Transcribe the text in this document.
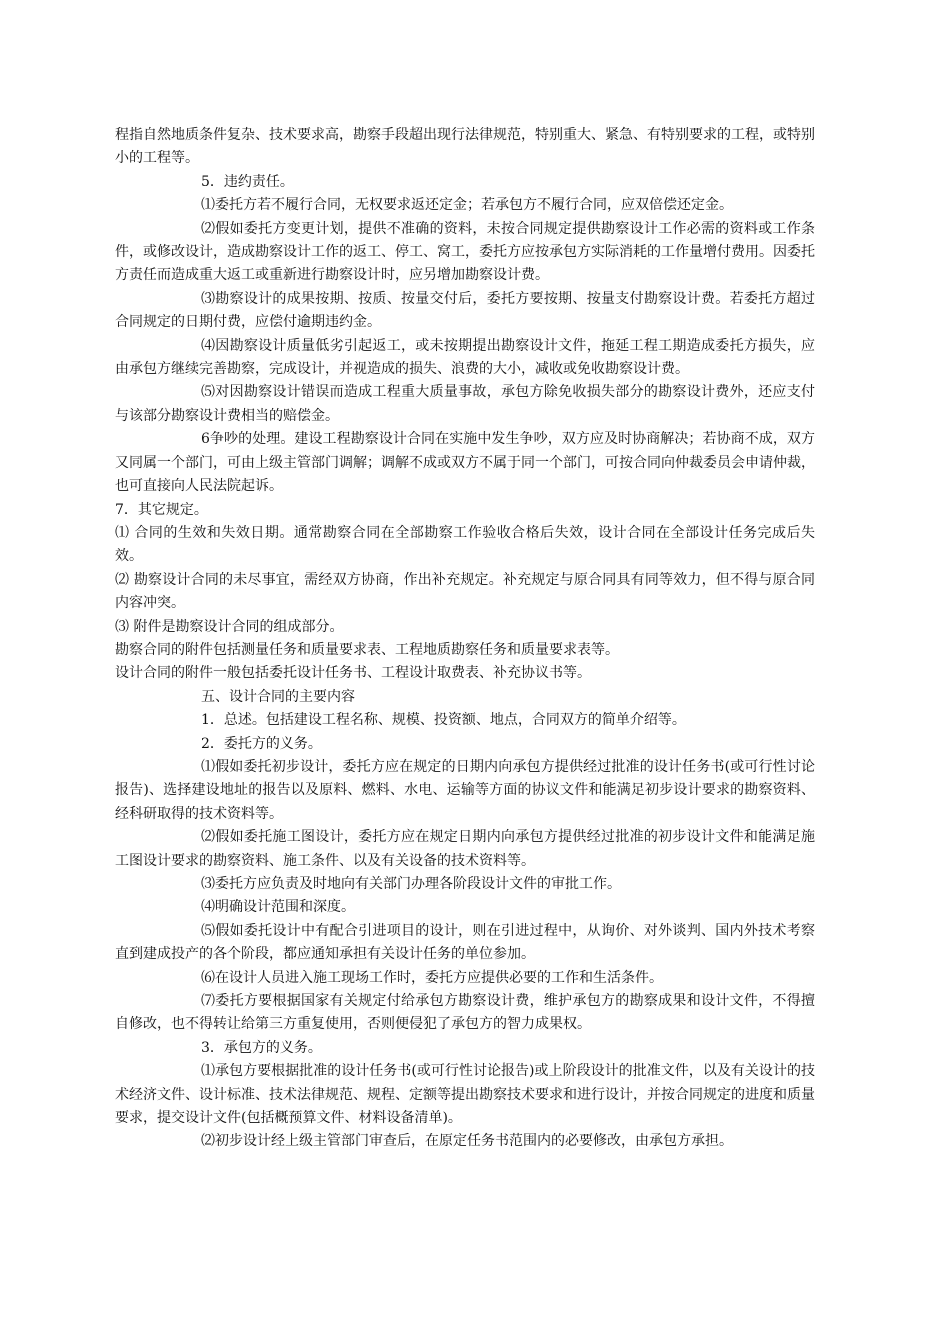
程指自然地质条件复杂、技术要求高，勘察手段超出现行法律规范，特别重大、紧急、有特别要求的工程，或特别小的工程等。

5．违约责任。

⑴委托方若不履行合同，无权要求返还定金；若承包方不履行合同，应双倍偿还定金。

⑵假如委托方变更计划，提供不准确的资料，未按合同规定提供勘察设计工作必需的资料或工作条件，或修改设计，造成勘察设计工作的返工、停工、窝工，委托方应按承包方实际消耗的工作量增付费用。因委托方责任而造成重大返工或重新进行勘察设计时，应另增加勘察设计费。

⑶勘察设计的成果按期、按质、按量交付后，委托方要按期、按量支付勘察设计费。若委托方超过合同规定的日期付费，应偿付逾期违约金。

⑷因勘察设计质量低劣引起返工，或未按期提出勘察设计文件，拖延工程工期造成委托方损失，应由承包方继续完善勘察，完成设计，并视造成的损失、浪费的大小，减收或免收勘察设计费。

⑸对因勘察设计错误而造成工程重大质量事故，承包方除免收损失部分的勘察设计费外，还应支付与该部分勘察设计费相当的赔偿金。

6争吵的处理。建设工程勘察设计合同在实施中发生争吵，双方应及时协商解决；若协商不成，双方又同属一个部门，可由上级主管部门调解；调解不成或双方不属于同一个部门，可按合同向仲裁委员会申请仲裁，也可直接向人民法院起诉。

7．其它规定。

⑴ 合同的生效和失效日期。通常勘察合同在全部勘察工作验收合格后失效，设计合同在全部设计任务完成后失效。

⑵ 勘察设计合同的未尽事宜，需经双方协商，作出补充规定。补充规定与原合同具有同等效力，但不得与原合同内容冲突。

⑶ 附件是勘察设计合同的组成部分。

勘察合同的附件包括测量任务和质量要求表、工程地质勘察任务和质量要求表等。

设计合同的附件一般包括委托设计任务书、工程设计取费表、补充协议书等。

五、设计合同的主要内容

1．总述。包括建设工程名称、规模、投资额、地点，合同双方的简单介绍等。

2．委托方的义务。

⑴假如委托初步设计，委托方应在规定的日期内向承包方提供经过批准的设计任务书(或可行性讨论报告)、选择建设地址的报告以及原料、燃料、水电、运输等方面的协议文件和能满足初步设计要求的勘察资料、经科研取得的技术资料等。

⑵假如委托施工图设计，委托方应在规定日期内向承包方提供经过批准的初步设计文件和能满足施工图设计要求的勘察资料、施工条件、以及有关设备的技术资料等。

⑶委托方应负责及时地向有关部门办理各阶段设计文件的审批工作。

⑷明确设计范围和深度。

⑸假如委托设计中有配合引进项目的设计，则在引进过程中，从询价、对外谈判、国内外技术考察直到建成投产的各个阶段，都应通知承担有关设计任务的单位参加。

⑹在设计人员进入施工现场工作时，委托方应提供必要的工作和生活条件。

⑺委托方要根据国家有关规定付给承包方勘察设计费，维护承包方的勘察成果和设计文件，不得擅自修改，也不得转让给第三方重复使用，否则便侵犯了承包方的智力成果权。

3．承包方的义务。

⑴承包方要根据批准的设计任务书(或可行性讨论报告)或上阶段设计的批准文件，以及有关设计的技术经济文件、设计标准、技术法律规范、规程、定额等提出勘察技术要求和进行设计，并按合同规定的进度和质量要求，提交设计文件(包括概预算文件、材料设备清单)。

⑵初步设计经上级主管部门审查后，在原定任务书范围内的必要修改，由承包方承担。
